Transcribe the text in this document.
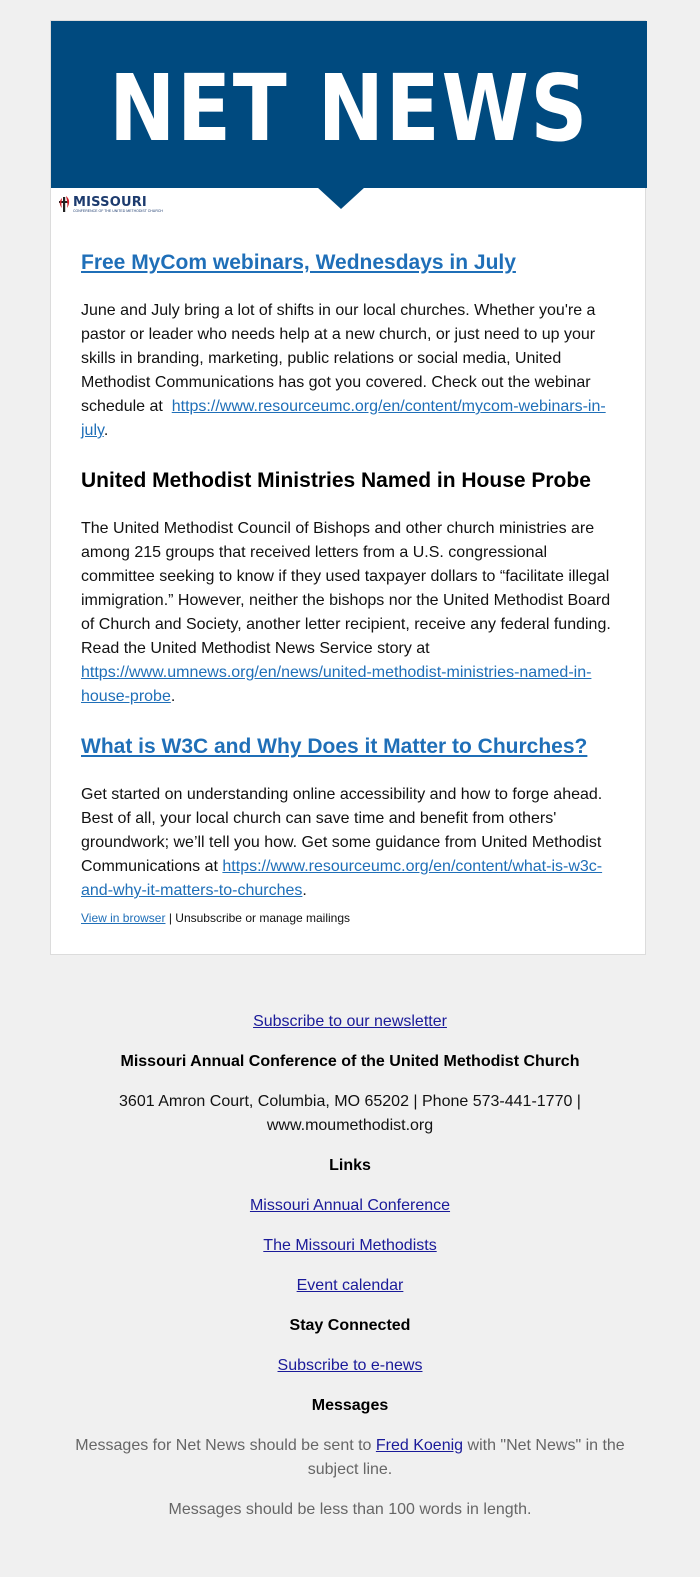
NET NEWS
MISSOURI
CONFERENCE OF THE UNITED METHODIST CHURCH
Free MyCom webinars, Wednesdays in July

June and July bring a lot of shifts in our local churches. Whether you're a pastor or leader who needs help at a new church, or just need to up your skills in branding, marketing, public relations or social media, United Methodist Communications has got you covered. Check out the webinar schedule at https://www.resourceumc.org/en/content/mycom-webinars-in-july.

United Methodist Ministries Named in House Probe

The United Methodist Council of Bishops and other church ministries are among 215 groups that received letters from a U.S. congressional committee seeking to know if they used taxpayer dollars to “facilitate illegal immigration.” However, neither the bishops nor the United Methodist Board of Church and Society, another letter recipient, receive any federal funding. Read the United Methodist News Service story at https://www.umnews.org/en/news/united-methodist-ministries-named-in-house-probe.

What is W3C and Why Does it Matter to Churches?

Get started on understanding online accessibility and how to forge ahead. Best of all, your local church can save time and benefit from others' groundwork; we’ll tell you how. Get some guidance from United Methodist Communications at https://www.resourceumc.org/en/content/what-is-w3c-and-why-it-matters-to-churches.

View in browser | Unsubscribe or manage mailings

Subscribe to our newsletter

Missouri Annual Conference of the United Methodist Church

3601 Amron Court, Columbia, MO 65202 | Phone 573-441-1770 | www.moumethodist.org

Links

Missouri Annual Conference

The Missouri Methodists

Event calendar

Stay Connected

Subscribe to e-news

Messages

Messages for Net News should be sent to Fred Koenig with "Net News" in the subject line.

Messages should be less than 100 words in length.
